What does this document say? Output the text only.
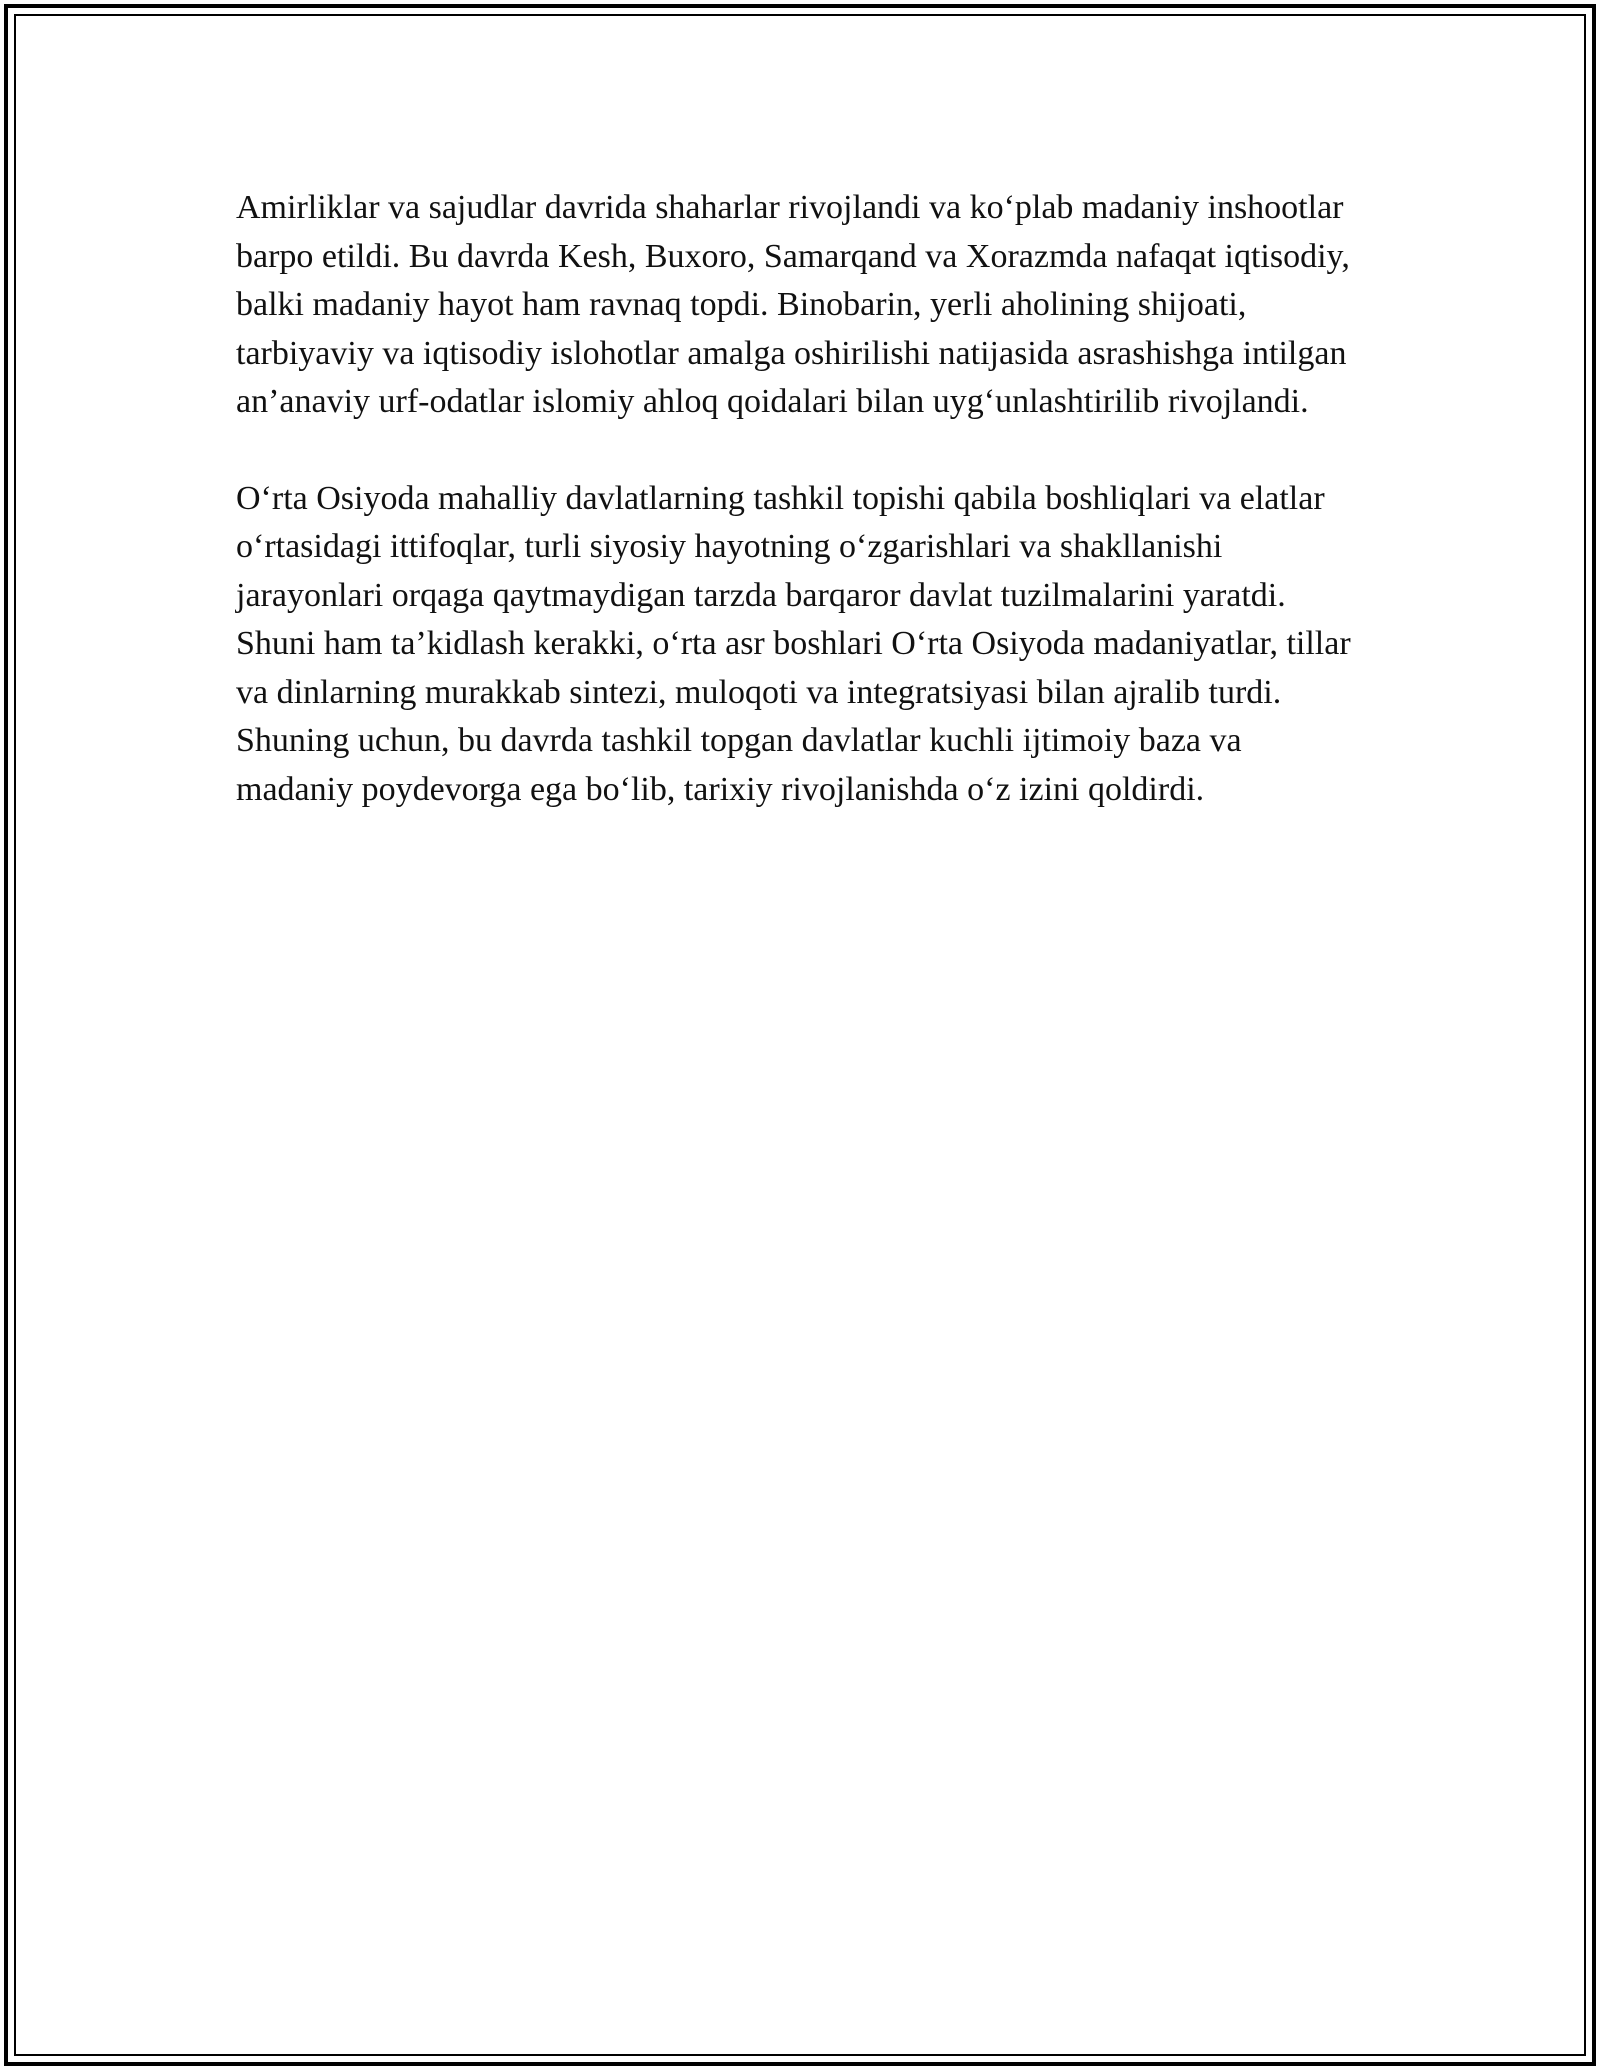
Amirliklar va sajudlar davrida shaharlar rivojlandi va ko‘plab madaniy inshootlar barpo etildi. Bu davrda Kesh, Buxoro, Samarqand va Xorazmda nafaqat iqtisodiy, balki madaniy hayot ham ravnaq topdi. Binobarin, yerli aholining shijoati, tarbiyaviy va iqtisodiy islohotlar amalga oshirilishi natijasida asrashishga intilgan an’anaviy urf-odatlar islomiy ahloq qoidalari bilan uyg‘unlashtirilib rivojlandi.

O‘rta Osiyoda mahalliy davlatlarning tashkil topishi qabila boshliqlari va elatlar o‘rtasidagi ittifoqlar, turli siyosiy hayotning o‘zgarishlari va shakllanishi jarayonlari orqaga qaytmaydigan tarzda barqaror davlat tuzilmalarini yaratdi. Shuni ham ta’kidlash kerakki, o‘rta asr boshlari O‘rta Osiyoda madaniyatlar, tillar va dinlarning murakkab sintezi, muloqoti va integratsiyasi bilan ajralib turdi. Shuning uchun, bu davrda tashkil topgan davlatlar kuchli ijtimoiy baza va madaniy poydevorga ega bo‘lib, tarixiy rivojlanishda o‘z izini qoldirdi.
